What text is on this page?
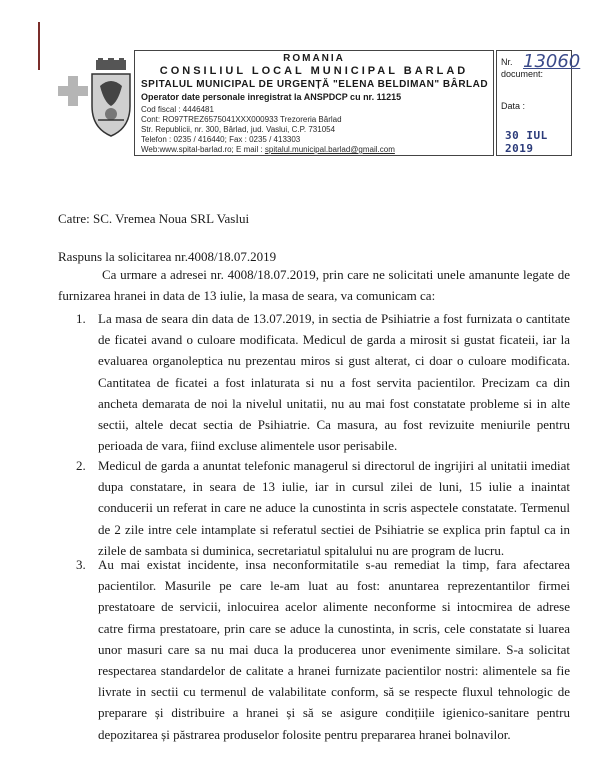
ROMANIA
CONSILIUL LOCAL MUNICIPAL BARLAD
SPITALUL MUNICIPAL DE URGENȚĂ "ELENA BELDIMAN" BÂRLAD
Operator date personale inregistrat la ANSPDCP cu nr. 11215
Cod fiscal : 4446481
Cont: RO97TREZ6575041XXX000933 Trezoreria Bârlad
Str. Republicii, nr. 300, Bârlad, jud. Vaslui, C.P. 731054
Telefon : 0235 / 416440; Fax : 0235 / 413303
Web:www.spital-barlad.ro; E mail : spitalul.municipal.barlad@gmail.com
Nr. 13060
document:
Data :
30 IUL 2019
Catre: SC. Vremea Noua SRL Vaslui
Raspuns la solicitarea nr.4008/18.07.2019
Ca urmare a adresei nr. 4008/18.07.2019, prin care ne solicitati unele amanunte legate de furnizarea hranei in data de 13 iulie, la masa de seara, va comunicam ca:
1. La masa de seara din data de 13.07.2019, in sectia de Psihiatrie a fost furnizata o cantitate de ficatei avand o culoare modificata. Medicul de garda a mirosit si gustat ficateii, iar la evaluarea organoleptica nu prezentau miros si gust alterat, ci doar o culoare modificata. Cantitatea de ficatei a fost inlaturata si nu a fost servita pacientilor. Precizam ca din ancheta demarata de noi la nivelul unitatii, nu au mai fost constatate probleme si in alte sectii, altele decat sectia de Psihiatrie. Ca masura, au fost revizuite meniurile pentru perioada de vara, fiind excluse alimentele usor perisabile.
2. Medicul de garda a anuntat telefonic managerul si directorul de ingrijiri al unitatii imediat dupa constatare, in seara de 13 iulie, iar in cursul zilei de luni, 15 iulie a inaintat conducerii un referat in care ne aduce la cunostinta in scris aspectele constatate. Termenul de 2 zile intre cele intamplate si referatul sectiei de Psihiatrie se explica prin faptul ca in zilele de sambata si duminica, secretariatul spitalului nu are program de lucru.
3. Au mai existat incidente, insa neconformitatile s-au remediat la timp, fara afectarea pacientilor. Masurile pe care le-am luat au fost: anuntarea reprezentantilor firmei prestatoare de servicii, inlocuirea acelor alimente neconforme si intocmirea de adrese catre firma prestatoare, prin care se aduce la cunostinta, in scris, cele constatate si luarea unor masuri care sa nu mai duca la producerea unor evenimente similare. S-a solicitat respectarea standardelor de calitate a hranei furnizate pacientilor nostri: alimentele sa fie livrate in sectii cu termenul de valabilitate conform, să se respecte fluxul tehnologic de preparare și distribuire a hranei și să se asigure condițiile igienico-sanitare pentru depozitarea și păstrarea produselor folosite pentru prepararea hranei bolnavilor.
